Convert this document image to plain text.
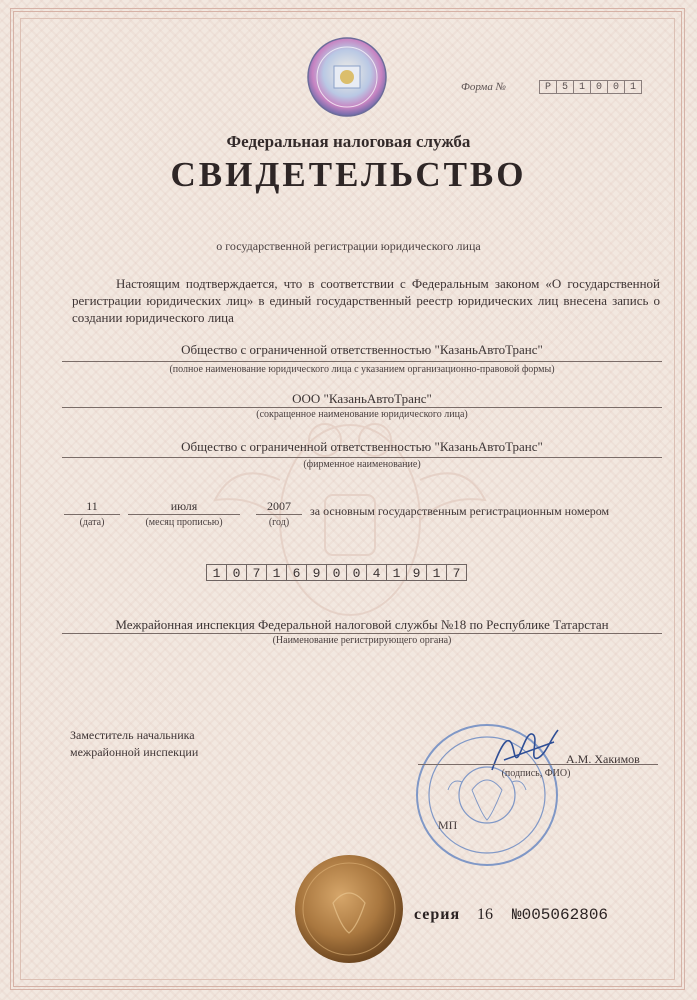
Форма №	Р	5	1	0	0	1
Федеральная налоговая служба
СВИДЕТЕЛЬСТВО
о государственной регистрации юридического лица
Настоящим подтверждается, что в соответствии с Федеральным законом «О государственной регистрации юридических лиц» в единый государственный реестр юридических лиц внесена запись о создании юридического лица
Общество с ограниченной ответственностью "КазаньАвтоТранс"
(полное наименование юридического лица с указанием организационно-правовой формы)
ООО "КазаньАвтоТранс"
(сокращенное наименование юридического лица)
Общество с ограниченной ответственностью "КазаньАвтоТранс"
(фирменное наименование)
11
(дата)
июля
(месяц прописью)
2007
(год)
за основным государственным регистрационным номером
1 0 7 1 6 9 0 0 4 1 9 1 7
Межрайонная инспекция Федеральной налоговой службы №18 по Республике Татарстан
(Наименование регистрирующего органа)
Заместитель начальника
межрайонной инспекции	А.М. Хакимов
(подпись, ФИО)
МП
серия 16 №005062806
